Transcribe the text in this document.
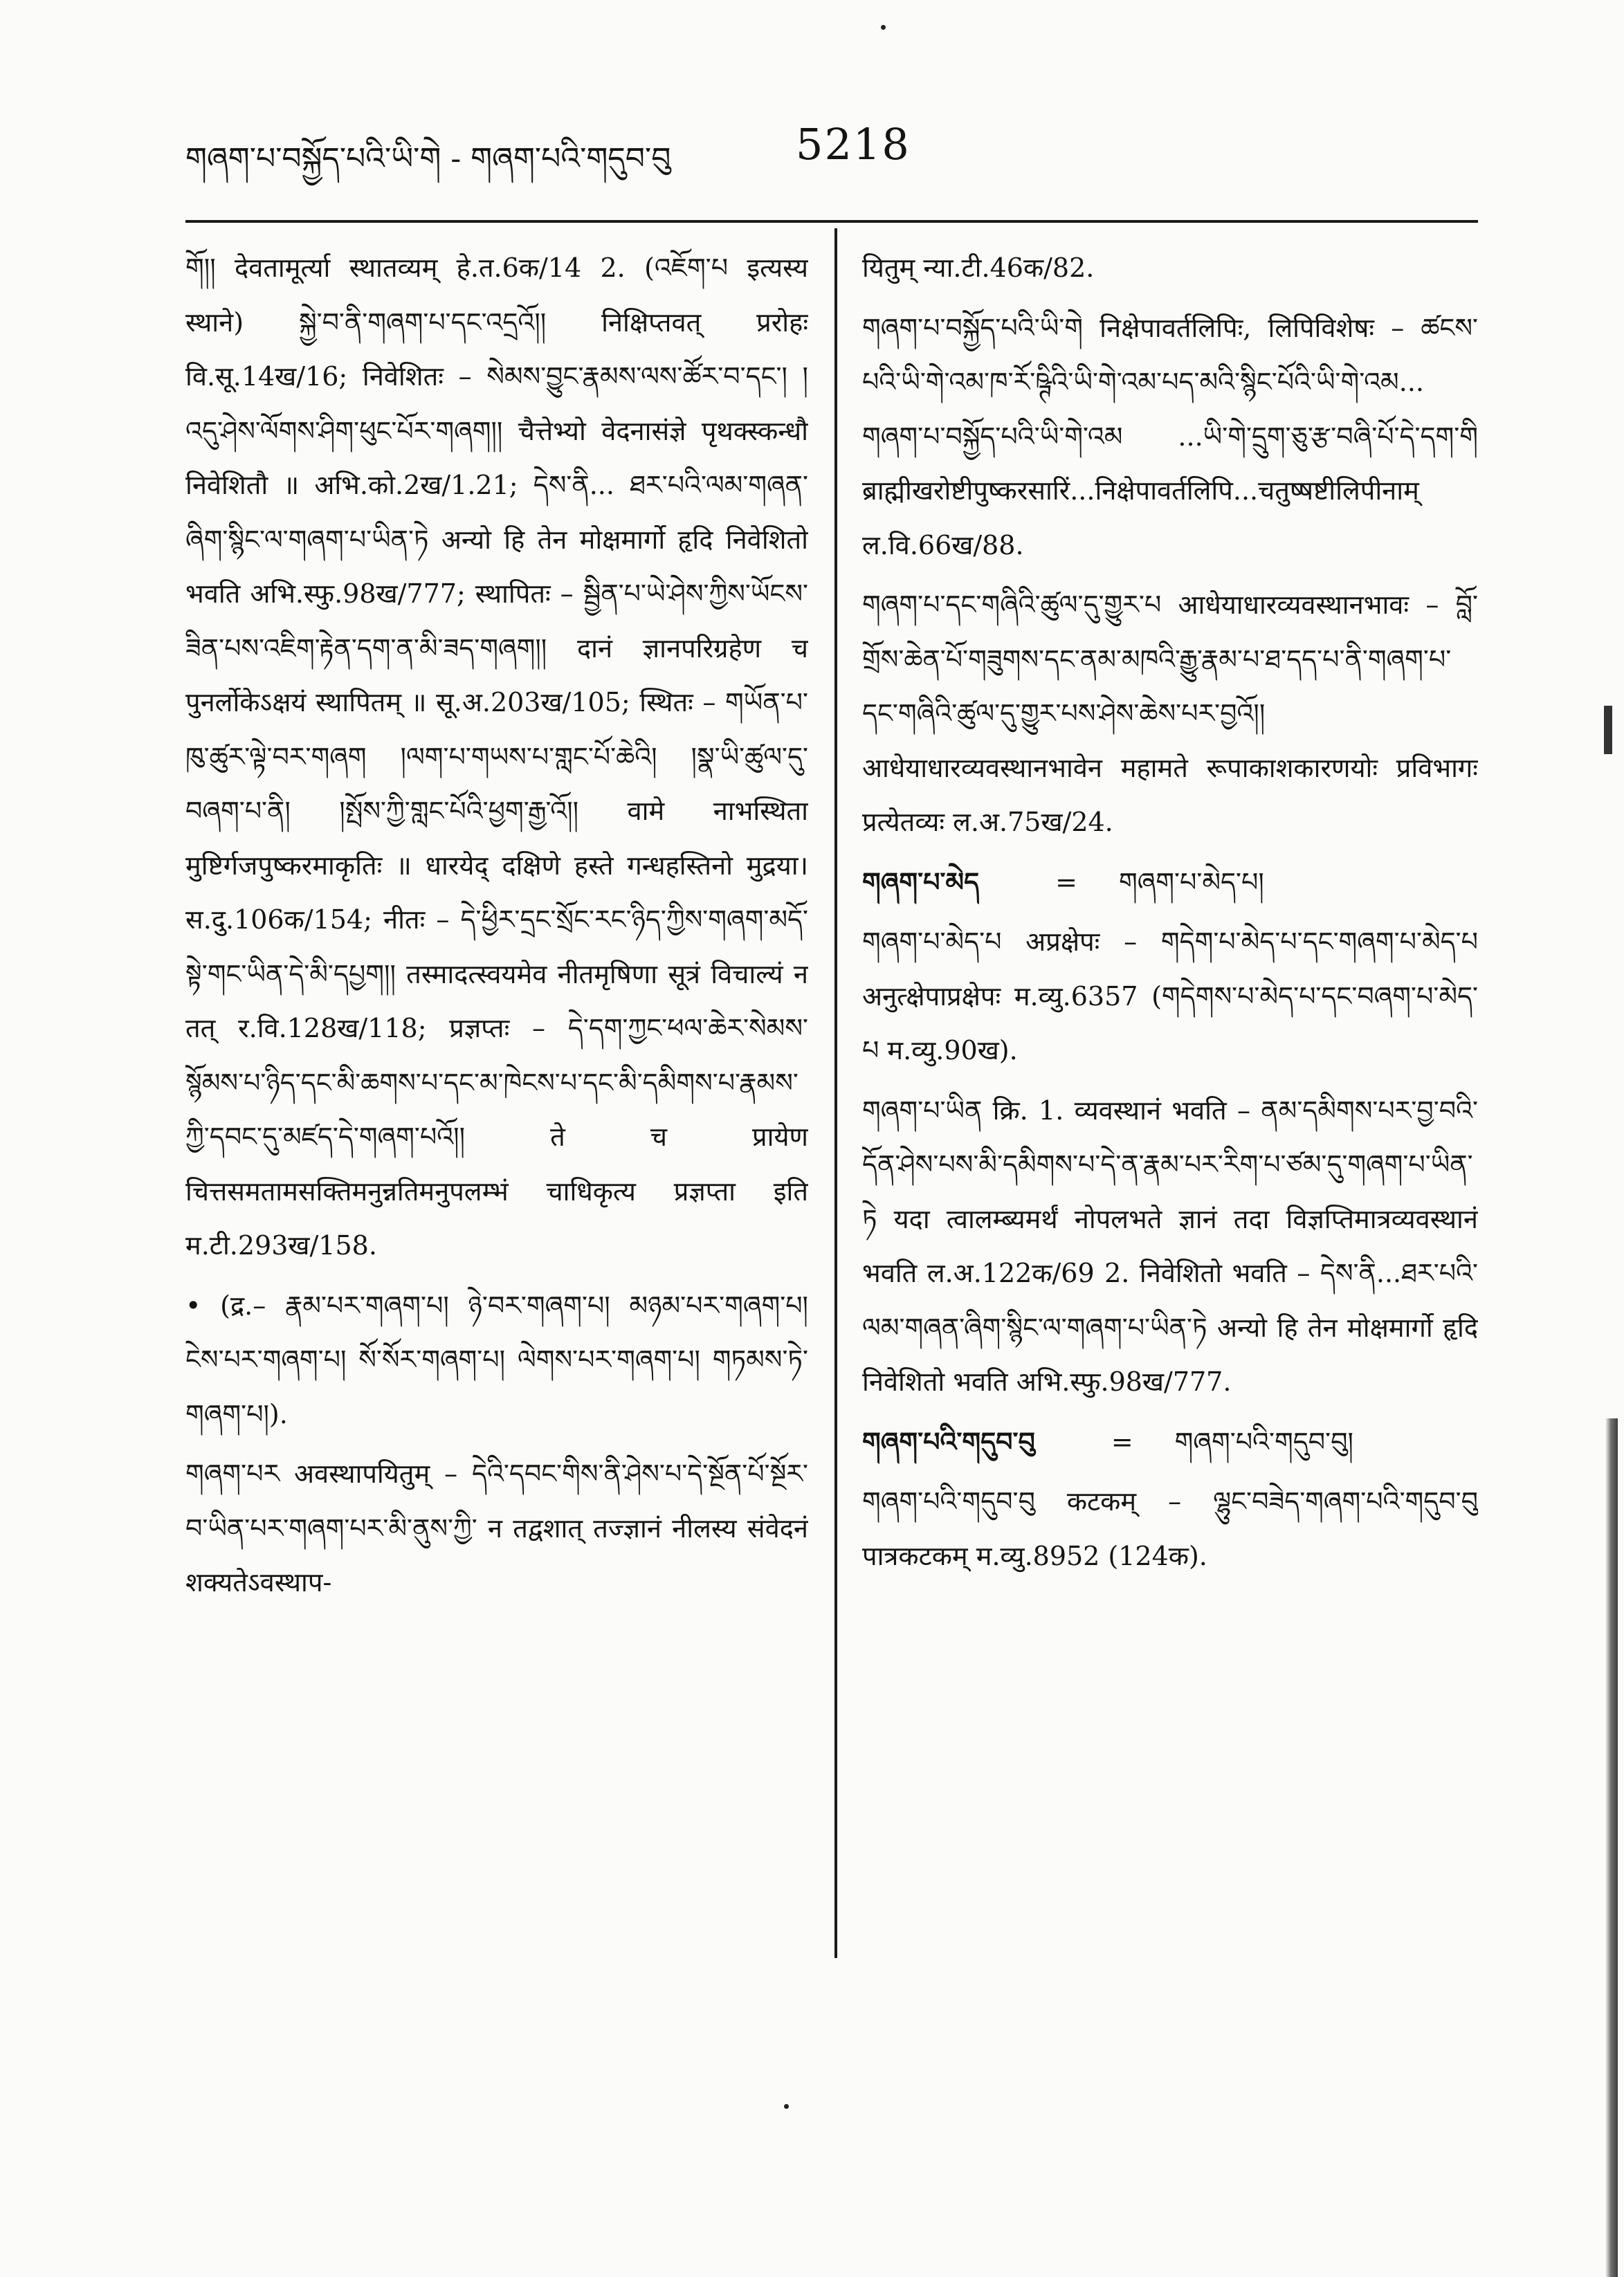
གཞག་པ་བསྐྱོད་པའི་ཡི་གེ - གཞག་པའི་གདུབ་བུ	5218

གོ།། देवतामूर्त्या स्थातव्यम् हे.त.6क/14 2. (འཇོག་པ इत्यस्य स्थाने) སྐྱེ་བ་ནི་གཞག་པ་དང་འདྲའོ།། निक्षिप्तवत् प्ररोहः वि.सू.14ख/16; निवेशितः – སེམས་བྱུང་རྣམས་ལས་ཚོར་བ་དང་། །འདུ་ཤེས་ལོགས་ཤིག་ཕུང་པོར་གཞག།། चैत्तेभ्यो वेदनासंज्ञे पृथक्स्कन्धौ निवेशितौ ॥ अभि.को.2ख/1.21; དེས་ནི... ཐར་པའི་ལམ་གཞན་ཞིག་སྙིང་ལ་གཞག་པ་ཡིན་ཏེ अन्यो हि तेन मोक्षमार्गो हृदि निवेशितो भवति अभि.स्फु.98ख/777; स्थापितः – སྦྱིན་པ་ཡེ་ཤེས་ཀྱིས་ཡོངས་ཟིན་པས་འཇིག་རྟེན་དག་ན་མི་ཟད་གཞག།། दानं ज्ञानपरिग्रहेण च पुनर्लोकेऽक्षयं स्थापितम् ॥ सू.अ.203ख/105; स्थितः – གཡོན་པ་ཁུ་ཚུར་ལྟེ་བར་གཞག །ལག་པ་གཡས་པ་གླང་པོ་ཆེའི། །སྣ་ཡི་ཚུལ་དུ་བཞག་པ་ནི། །སྤོས་ཀྱི་གླང་པོའི་ཕྱག་རྒྱ་འོ།། वामे नाभस्थिता मुष्टिर्गजपुष्करमाकृतिः ॥ धारयेद् दक्षिणे हस्ते गन्धहस्तिनो मुद्रया। स.दु.106क/154; नीतः – དེ་ཕྱིར་དྲང་སྲོང་རང་ཉིད་ཀྱིས་གཞག་མདོ་སྟེ་གང་ཡིན་དེ་མི་དཔྱག།། तस्मादत्स्वयमेव नीतमृषिणा सूत्रं विचाल्यं न तत् र.वि.128ख/118; प्रज्ञप्तः – དེ་དག་ཀྱང་ཕལ་ཆེར་སེམས་སྙོམས་པ་ཉིད་དང་མི་ཆགས་པ་དང་མ་ཁེངས་པ་དང་མི་དམིགས་པ་རྣམས་ཀྱི་དབང་དུ་མཛད་དེ་གཞག་པའོ།། ते च प्रायेण चित्तसमतामसक्तिमनुन्नतिमनुपलम्भं चाधिकृत्य प्रज्ञप्ता इति म.टी.293ख/158.

• (द्र.– རྣམ་པར་གཞག་པ། ཉེ་བར་གཞག་པ། མཉམ་པར་གཞག་པ། ངེས་པར་གཞག་པ། སོ་སོར་གཞག་པ། ལེགས་པར་གཞག་པ། གཏམས་ཏེ་གཞག་པ།).

གཞག་པར अवस्थापयितुम् – དེའི་དབང་གིས་ནི་ཤེས་པ་དེ་སྔོན་པོ་སྔོར་བ་ཡིན་པར་གཞག་པར་མི་ནུས་ཀྱི་ न तद्वशात् तज्ज्ञानं नीलस्य संवेदनं शक्यतेऽवस्थाप-

यितुम् न्या.टी.46क/82.

གཞག་པ་བསྐྱོད་པའི་ཡི་གེ निक्षेपावर्तलिपिः, लिपिविशेषः – ཚངས་པའི་ཡི་གེ་འམ་ཁ་རོ་ཥྚིའི་ཡི་གེ་འམ་པད་མའི་སྙིང་པོའི་ཡི་གེ་འམ... གཞག་པ་བསྐྱོད་པའི་ཡི་གེ་འམ ...ཡི་གེ་དྲུག་ཅུ་རྩ་བཞི་པོ་དེ་དག་གི ब्राह्मीखरोष्टीपुष्करसारिं...निक्षेपावर्तलिपि...चतुष्षष्टीलिपीनाम् ल.वि.66ख/88.

གཞག་པ་དང་གཞིའི་ཚུལ་དུ་གྱུར་པ आधेयाधारव्यवस्थानभावः – བློ་གྲོས་ཆེན་པོ་གཟུགས་དང་ནམ་མཁའི་རྒྱུ་རྣམ་པ་ཐ་དད་པ་ནི་གཞག་པ་དང་གཞིའི་ཚུལ་དུ་གྱུར་པས་ཤེས་ཆེས་པར་བྱའོ།། आधेयाधारव्यवस्थानभावेन महामते रूपाकाशकारणयोः प्रविभागः प्रत्येतव्यः ल.अ.75ख/24.

གཞག་པ་མེད	= གཞག་པ་མེད་པ།

གཞག་པ་མེད་པ अप्रक्षेपः – གདེག་པ་མེད་པ་དང་གཞག་པ་མེད་པ अनुत्क्षेपाप्रक्षेपः म.व्यु.6357 (གདེགས་པ་མེད་པ་དང་བཞག་པ་མེད་པ म.व्यु.90ख).

གཞག་པ་ཡིན क्रि. 1. व्यवस्थानं भवति – ནམ་དམིགས་པར་བྱ་བའི་དོན་ཤེས་པས་མི་དམིགས་པ་དེ་ན་རྣམ་པར་རིག་པ་ཙམ་དུ་གཞག་པ་ཡིན་ཏེ यदा त्वालम्ब्यमर्थं नोपलभते ज्ञानं तदा विज्ञप्तिमात्रव्यवस्थानं भवति ल.अ.122क/69 2. निवेशितो भवति – དེས་ནི...ཐར་པའི་ལམ་གཞན་ཞིག་སྙིང་ལ་གཞག་པ་ཡིན་ཏེ अन्यो हि तेन मोक्षमार्गो हृदि निवेशितो भवति अभि.स्फु.98ख/777.

གཞག་པའི་གདུབ་བུ	= གཞག་པའི་གདུབ་བུ།

གཞག་པའི་གདུབ་བུ कटकम् – ལྷུང་བཟེད་གཞག་པའི་གདུབ་བུ पात्रकटकम् म.व्यु.8952 (124क).
